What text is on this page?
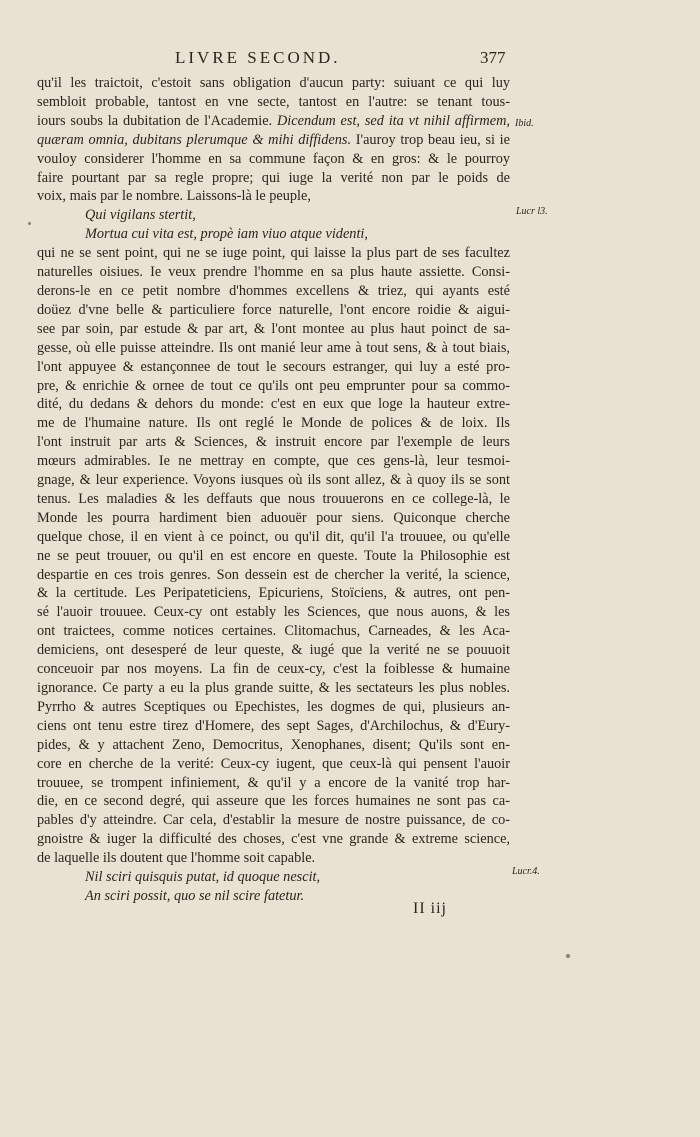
LIVRE SECOND.	377
qu'il les traictoit, c'estoit sans obligation d'aucun party: suiuant ce qui luy
sembloit probable, tantost en vne secte, tantost en l'autre: se tenant tous-
iours soubs la dubitation de l'Academie. Dicendum est, sed ita vt nihil affirmem,
quæram omnia, dubitans plerumque & mihi diffidens. I'auroy trop beau ieu, si ie
vouloy considerer l'homme en sa commune façon & en gros: & le pourroy
faire pourtant par sa regle propre; qui iuge la verité non par le poids de
voix, mais par le nombre. Laissons-là le peuple,
Qui vigilans stertit,
Mortua cui vita est, propè iam viuo atque videnti,
qui ne se sent point, qui ne se iuge point, qui laisse la plus part de ses facultez
naturelles oisiues. Ie veux prendre l'homme en sa plus haute assiette. Consi-
derons-le en ce petit nombre d'hommes excellens & triez, qui ayants esté
doüez d'vne belle & particuliere force naturelle, l'ont encore roidie & aigui-
see par soin, par estude & par art, & l'ont montee au plus haut poinct de sa-
gesse, où elle puisse atteindre. Ils ont manié leur ame à tout sens, & à tout biais,
l'ont appuyee & estançonnee de tout le secours estranger, qui luy a esté pro-
pre, & enrichie & ornee de tout ce qu'ils ont peu emprunter pour sa commo-
dité, du dedans & dehors du monde: c'est en eux que loge la hauteur extre-
me de l'humaine nature. Ils ont reglé le Monde de polices & de loix. Ils
l'ont instruit par arts & Sciences, & instruit encore par l'exemple de leurs
mœurs admirables. Ie ne mettray en compte, que ces gens-là, leur tesmoi-
gnage, & leur experience. Voyons iusques où ils sont allez, & à quoy ils se sont
tenus. Les maladies & les deffauts que nous trouuerons en ce college-là, le
Monde les pourra hardiment bien aduouër pour siens. Quiconque cherche
quelque chose, il en vient à ce poinct, ou qu'il dit, qu'il l'a trouuee, ou qu'elle
ne se peut trouuer, ou qu'il en est encore en queste. Toute la Philosophie est
despartie en ces trois genres. Son dessein est de chercher la verité, la science,
& la certitude. Les Peripateticiens, Epicuriens, Stoïciens, & autres, ont pen-
sé l'auoir trouuee. Ceux-cy ont estably les Sciences, que nous auons, & les
ont traictees, comme notices certaines. Clitomachus, Carneades, & les Aca-
demiciens, ont desesperé de leur queste, & iugé que la verité ne se pouuoit
conceuoir par nos moyens. La fin de ceux-cy, c'est la foiblesse & humaine
ignorance. Ce party a eu la plus grande suitte, & les sectateurs les plus nobles.
Pyrrho & autres Sceptiques ou Epechistes, les dogmes de qui, plusieurs an-
ciens ont tenu estre tirez d'Homere, des sept Sages, d'Archilochus, & d'Eury-
pides, & y attachent Zeno, Democritus, Xenophanes, disent; Qu'ils sont en-
core en cherche de la verité: Ceux-cy iugent, que ceux-là qui pensent l'auoir
trouuee, se trompent infiniement, & qu'il y a encore de la vanité trop har-
die, en ce second degré, qui asseure que les forces humaines ne sont pas ca-
pables d'y atteindre. Car cela, d'establir la mesure de nostre puissance, de co-
gnoistre & iuger la difficulté des choses, c'est vne grande & extreme science,
de laquelle ils doutent que l'homme soit capable.
Nil sciri quisquis putat, id quoque nescit,
An sciri possit, quo se nil scire fatetur.
Ibid.
Lucr l3.
Lucr.4.
II iij
